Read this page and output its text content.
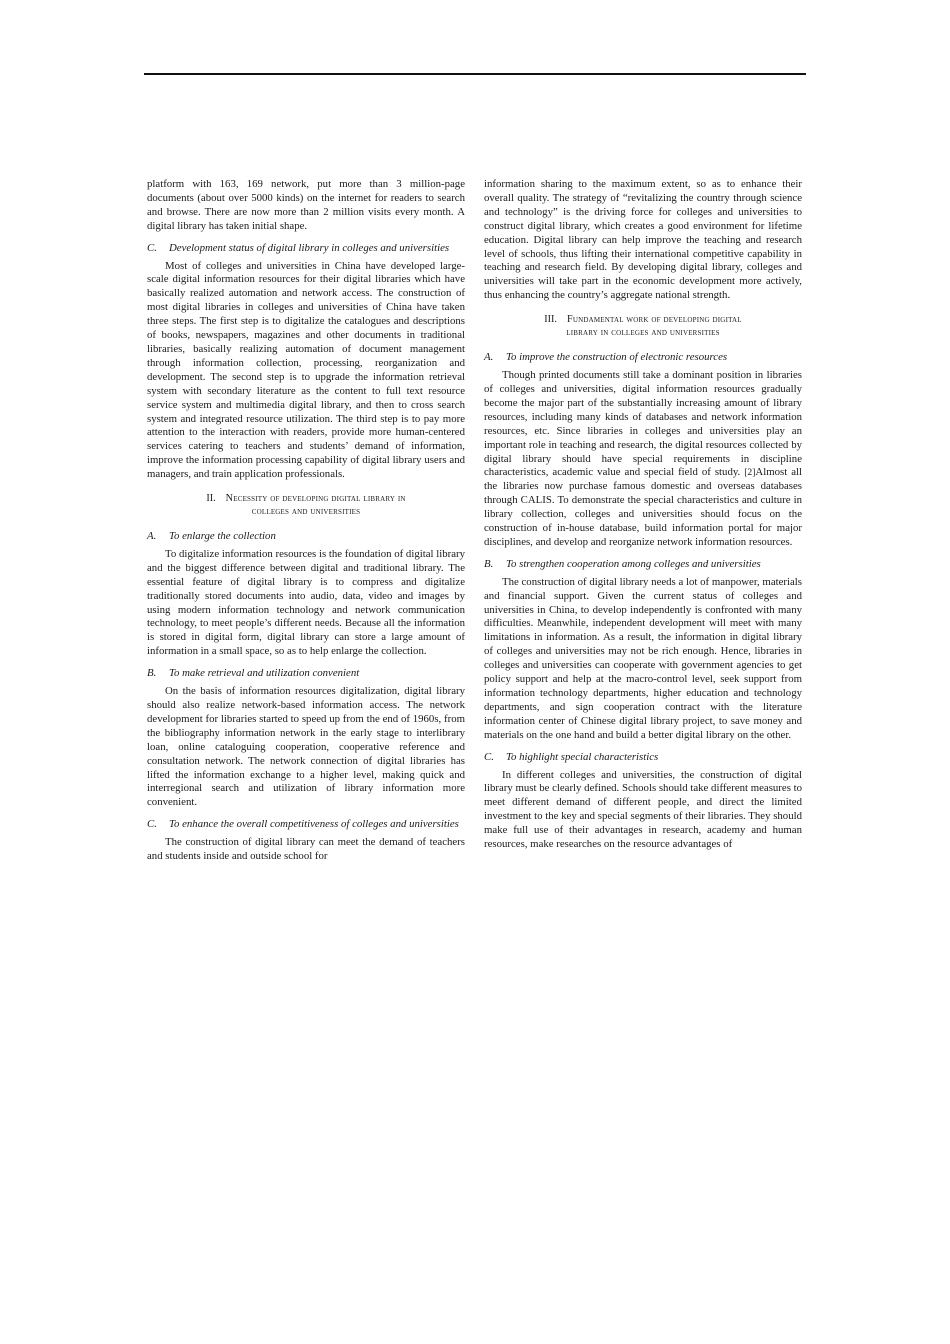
platform with 163, 169 network, put more than 3 million-page documents (about over 5000 kinds) on the internet for readers to search and browse. There are now more than 2 million visits every month. A digital library has taken initial shape.

C. Development status of digital library in colleges and universities

Most of colleges and universities in China have developed large-scale digital information resources for their digital libraries which have basically realized automation and network access. The construction of most digital libraries in colleges and universities of China have taken three steps. The first step is to digitalize the catalogues and descriptions of books, newspapers, magazines and other documents in traditional libraries, basically realizing automation of document management through information collection, processing, reorganization and development. The second step is to upgrade the information retrieval system with secondary literature as the content to full text resource service system and multimedia digital library, and then to cross search system and integrated resource utilization. The third step is to pay more attention to the interaction with readers, provide more human-centered services catering to teachers and students’ demand of information, improve the information processing capability of digital library users and managers, and train application professionals.

II. Necessity of developing digital library in
colleges and universities
A. To enlarge the collection

To digitalize information resources is the foundation of digital library and the biggest difference between digital and traditional library. The essential feature of digital library is to compress and digitalize traditionally stored documents into audio, data, video and images by using modern information technology and network communication technology, to meet people’s different needs. Because all the information is stored in digital form, digital library can store a large amount of information in a small space, so as to help enlarge the collection.

B. To make retrieval and utilization convenient

On the basis of information resources digitalization, digital library should also realize network-based information access. The network development for libraries started to speed up from the end of 1960s, from the bibliography information network in the early stage to interlibrary loan, online cataloguing cooperation, cooperative reference and consultation network. The network connection of digital libraries has lifted the information exchange to a higher level, making quick and interregional search and utilization of library information more convenient.

C. To enhance the overall competitiveness of colleges and universities

The construction of digital library can meet the demand of teachers and students inside and outside school for

information sharing to the maximum extent, so as to enhance their overall quality. The strategy of “revitalizing the country through science and technology” is the driving force for colleges and universities to construct digital library, which creates a good environment for lifetime education. Digital library can help improve the teaching and research level of schools, thus lifting their international competitive capability in teaching and research field. By developing digital library, colleges and universities will take part in the economic development more actively, thus enhancing the country’s aggregate national strength.

III. Fundamental work of developing digital
library in colleges and universities
A. To improve the construction of electronic resources

Though printed documents still take a dominant position in libraries of colleges and universities, digital information resources gradually become the major part of the substantially increasing amount of library resources, including many kinds of databases and network information resources, etc. Since libraries in colleges and universities play an important role in teaching and research, the digital resources collected by digital library should have special requirements in discipline characteristics, academic value and special field of study. [2]Almost all the libraries now purchase famous domestic and overseas databases through CALIS. To demonstrate the special characteristics and culture in library collection, colleges and universities should focus on the construction of in-house database, build information portal for major disciplines, and develop and reorganize network information resources.

B. To strengthen cooperation among colleges and universities

The construction of digital library needs a lot of manpower, materials and financial support. Given the current status of colleges and universities in China, to develop independently is confronted with many difficulties. Meanwhile, independent development will meet with many limitations in information. As a result, the information in digital library of colleges and universities may not be rich enough. Hence, libraries in colleges and universities can cooperate with government agencies to get policy support and help at the macro-control level, seek support from information technology departments, higher education and technology departments, and sign cooperation contract with the literature information center of Chinese digital library project, to save money and materials on the one hand and build a better digital library on the other.

C. To highlight special characteristics

In different colleges and universities, the construction of digital library must be clearly defined. Schools should take different measures to meet different demand of different people, and direct the limited investment to the key and special segments of their libraries. They should make full use of their advantages in research, academy and human resources, make researches on the resource advantages of
